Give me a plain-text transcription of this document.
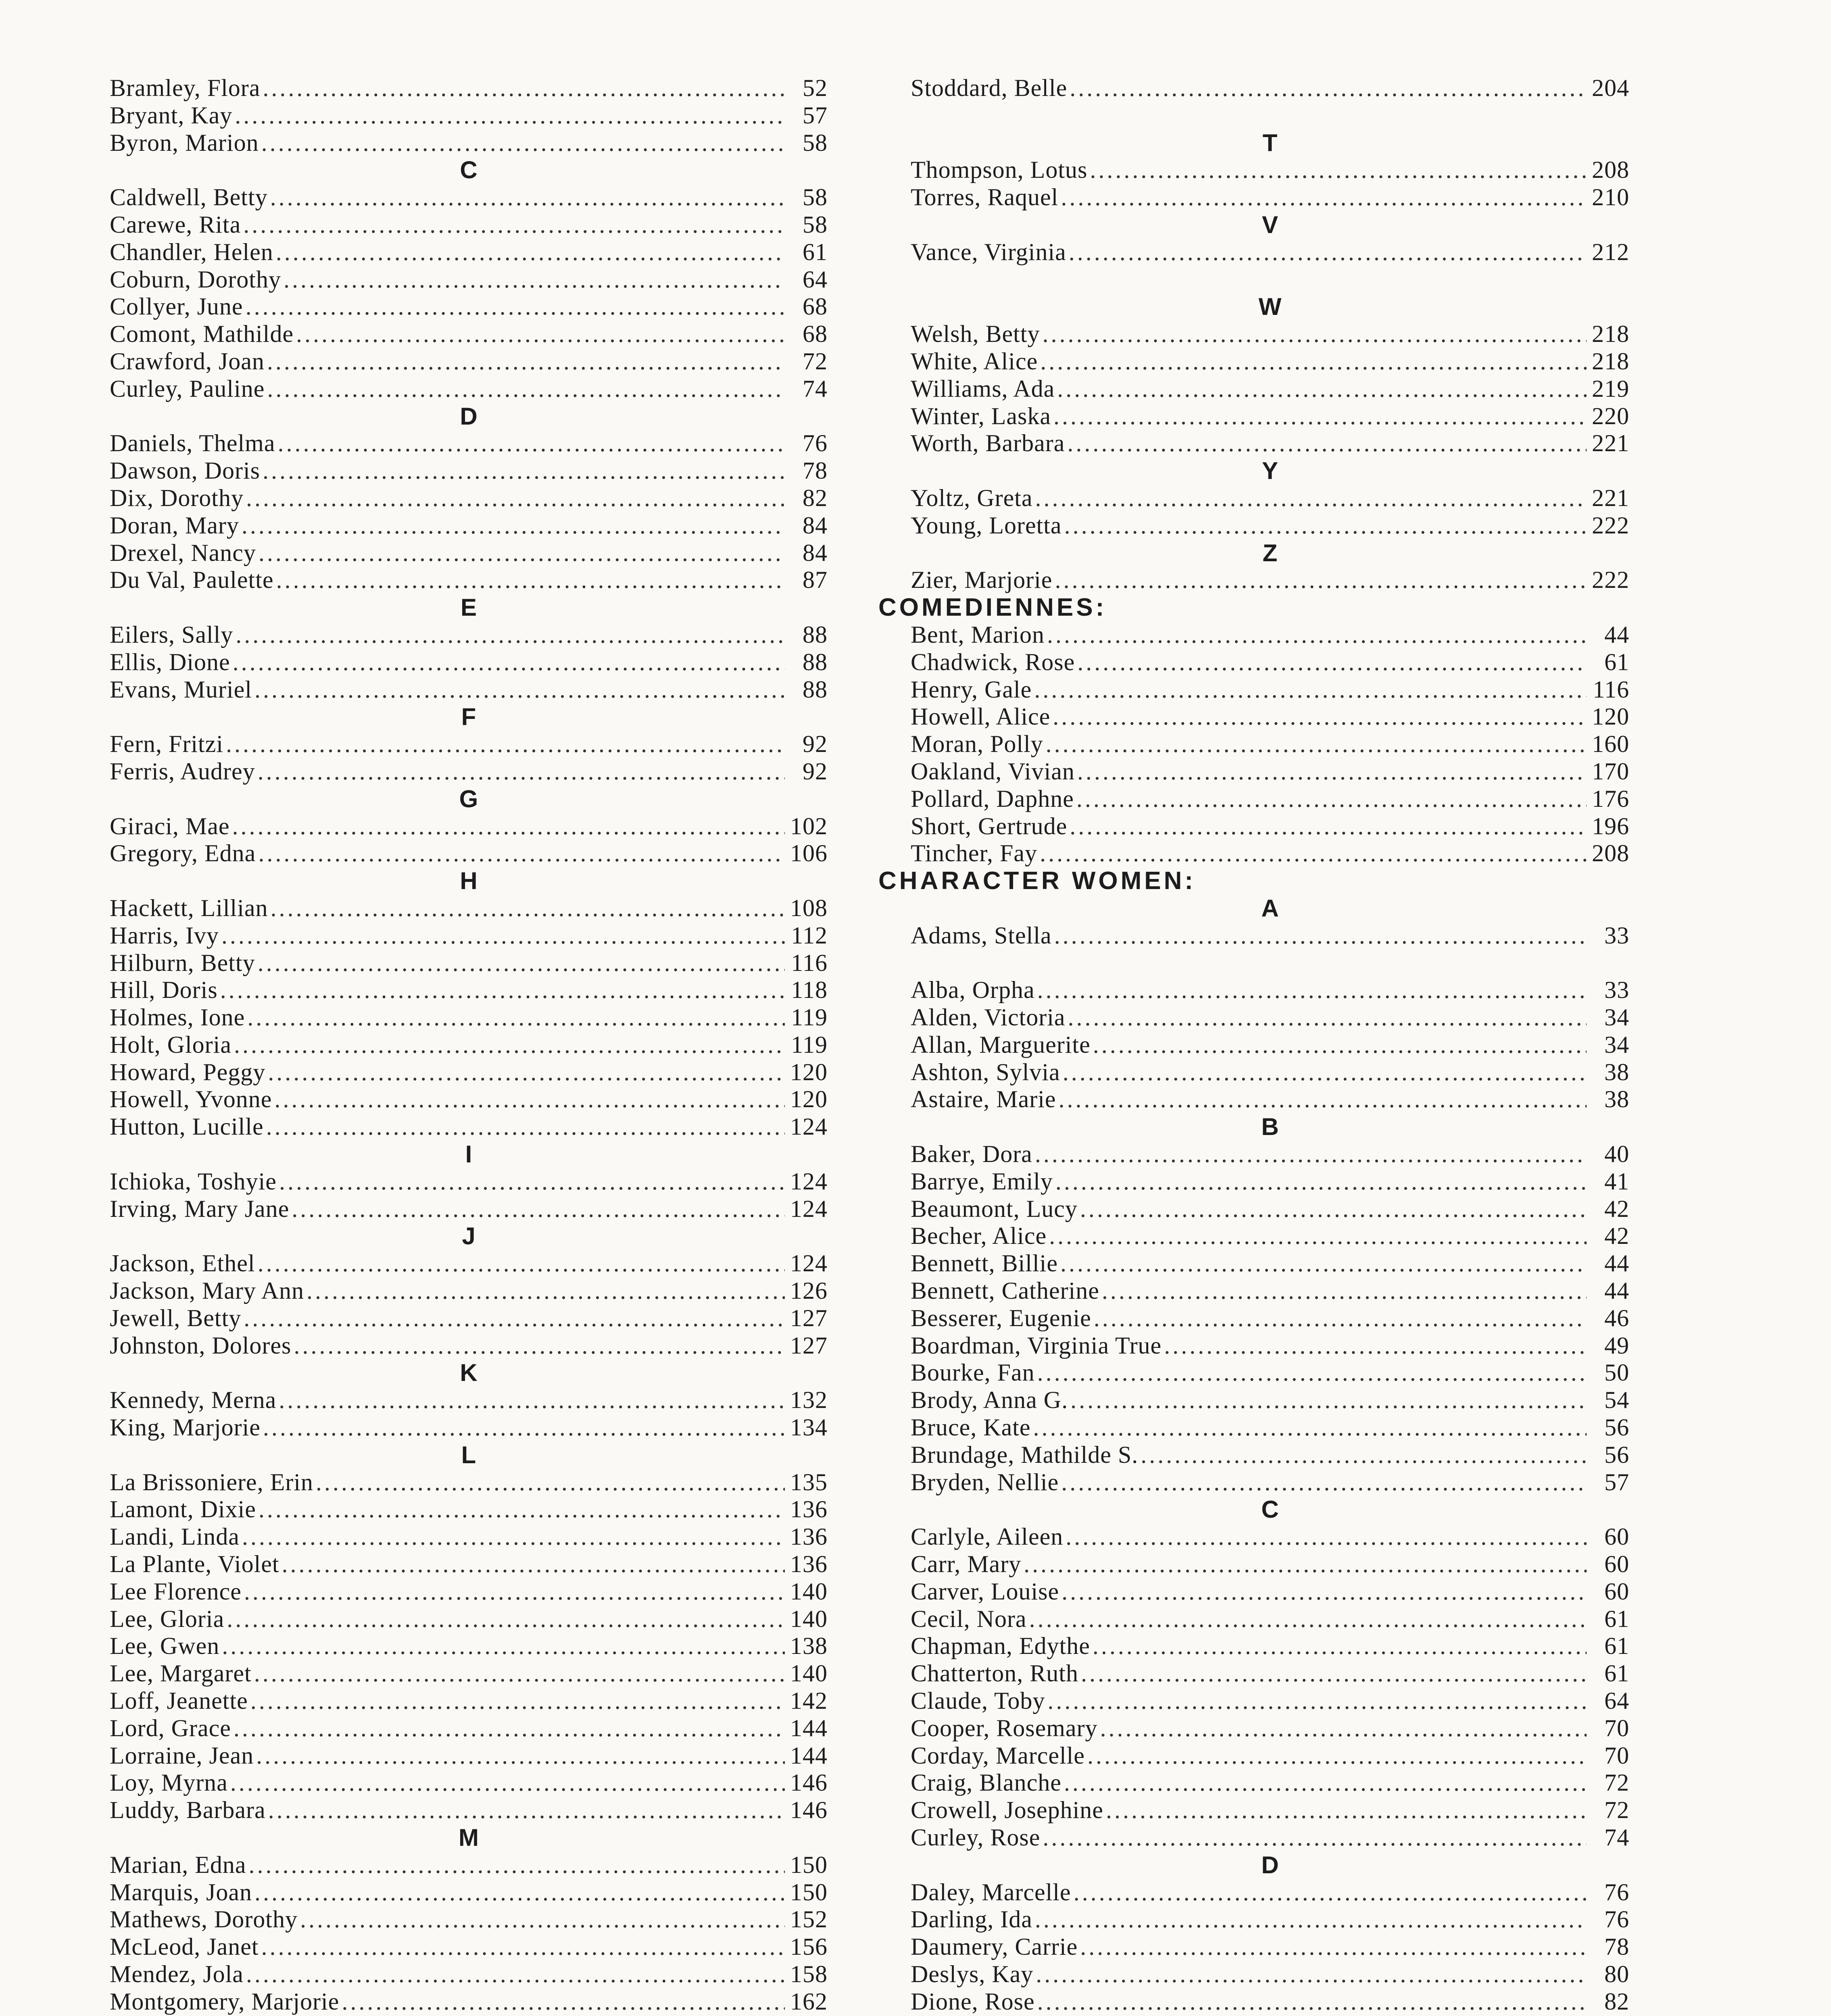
Bramley, Flora .....	52
Bryant, Kay .....	57
Byron, Marion .....	58
C
Caldwell, Betty .....	58
Carewe, Rita .....	58
Chandler, Helen .....	61
Coburn, Dorothy .....	64
Collyer, June .....	68
Comont, Mathilde .....	68
Crawford, Joan .....	72
Curley, Pauline .....	74
D
Daniels, Thelma .....	76
Dawson, Doris .....	78
Dix, Dorothy .....	82
Doran, Mary .....	84
Drexel, Nancy .....	84
Du Val, Paulette .....	87
E
Eilers, Sally .....	88
Ellis, Dione .....	88
Evans, Muriel .....	88
F
Fern, Fritzi .....	92
Ferris, Audrey .....	92
G
Giraci, Mae .....	102
Gregory, Edna .....	106
H
Hackett, Lillian .....	108
Harris, Ivy .....	112
Hilburn, Betty .....	116
Hill, Doris .....	118
Holmes, Ione .....	119
Holt, Gloria .....	119
Howard, Peggy .....	120
Howell, Yvonne .....	120
Hutton, Lucille .....	124
I
Ichioka, Toshyie .....	124
Irving, Mary Jane .....	124
J
Jackson, Ethel .....	124
Jackson, Mary Ann .....	126
Jewell, Betty .....	127
Johnston, Dolores .....	127
K
Kennedy, Merna .....	132
King, Marjorie .....	134
L
La Brissoniere, Erin .....	135
Lamont, Dixie .....	136
Landi, Linda .....	136
La Plante, Violet .....	136
Lee Florence .....	140
Lee, Gloria .....	140
Lee, Gwen .....	138
Lee, Margaret .....	140
Loff, Jeanette .....	142
Lord, Grace .....	144
Lorraine, Jean .....	144
Loy, Myrna .....	146
Luddy, Barbara .....	146
M
Marian, Edna .....	150
Marquis, Joan .....	150
Mathews, Dorothy .....	152
McLeod, Janet .....	156
Mendez, Jola .....	158
Montgomery, Marjorie .....	162
.....
Stoddard, Belle .....	204
T
Thompson, Lotus .....	208
Torres, Raquel .....	210
V
Vance, Virginia .....	212
W
Welsh, Betty .....	218
White, Alice .....	218
Williams, Ada .....	219
Winter, Laska .....	220
Worth, Barbara .....	221
Y
Yoltz, Greta .....	221
Young, Loretta .....	222
Z
Zier, Marjorie .....	222
COMEDIENNES:
Bent, Marion .....	44
Chadwick, Rose .....	61
Henry, Gale .....	116
Howell, Alice .....	120
Moran, Polly .....	160
Oakland, Vivian .....	170
Pollard, Daphne .....	176
Short, Gertrude .....	196
Tincher, Fay .....	208
CHARACTER WOMEN:
A
Adams, Stella .....	33
Alba, Orpha .....	33
Alden, Victoria .....	34
Allan, Marguerite .....	34
Ashton, Sylvia .....	38
Astaire, Marie .....	38
B
Baker, Dora .....	40
Barrye, Emily .....	41
Beaumont, Lucy .....	42
Becher, Alice .....	42
Bennett, Billie .....	44
Bennett, Catherine .....	44
Besserer, Eugenie .....	46
Boardman, Virginia True .....	49
Bourke, Fan .....	50
Brody, Anna G. .....	54
Bruce, Kate .....	56
Brundage, Mathilde S. .....	56
Bryden, Nellie .....	57
C
Carlyle, Aileen .....	60
Carr, Mary .....	60
Carver, Louise .....	60
Cecil, Nora .....	61
Chapman, Edythe .....	61
Chatterton, Ruth .....	61
Claude, Toby .....	64
Cooper, Rosemary .....	70
Corday, Marcelle .....	70
Craig, Blanche .....	72
Crowell, Josephine .....	72
Curley, Rose .....	74
D
Daley, Marcelle .....	76
Darling, Ida .....	76
Daumery, Carrie .....	78
Deslys, Kay .....	80
Dione, Rose .....	82
.....
